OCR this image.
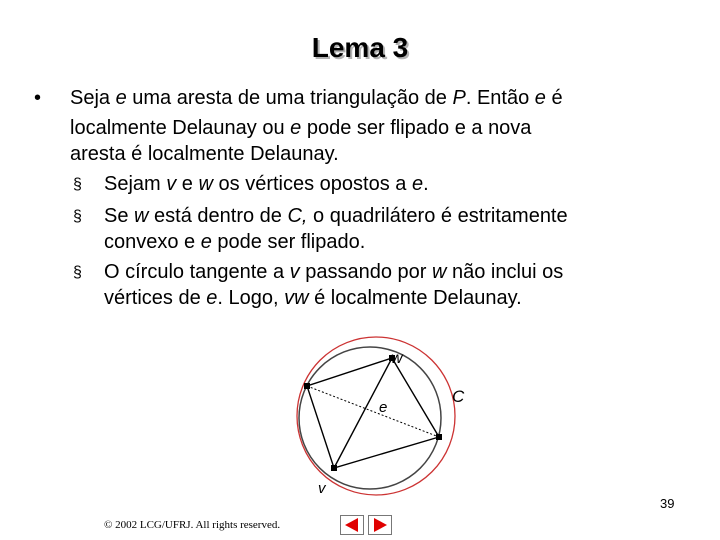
Lema 3
• Seja e uma aresta de uma triangulação de P. Então e é
localmente Delaunay ou e pode ser flipado e a nova
aresta é localmente Delaunay.
§ Sejam v e w os vértices opostos a e.
§ Se w está dentro de C, o quadrilátero é estritamente
convexo e e pode ser flipado.
§ O círculo tangente a v passando por w não inclui os
vértices de e. Logo, vw é localmente Delaunay.
w
e
C
v
39
© 2002 LCG/UFRJ. All rights reserved.
